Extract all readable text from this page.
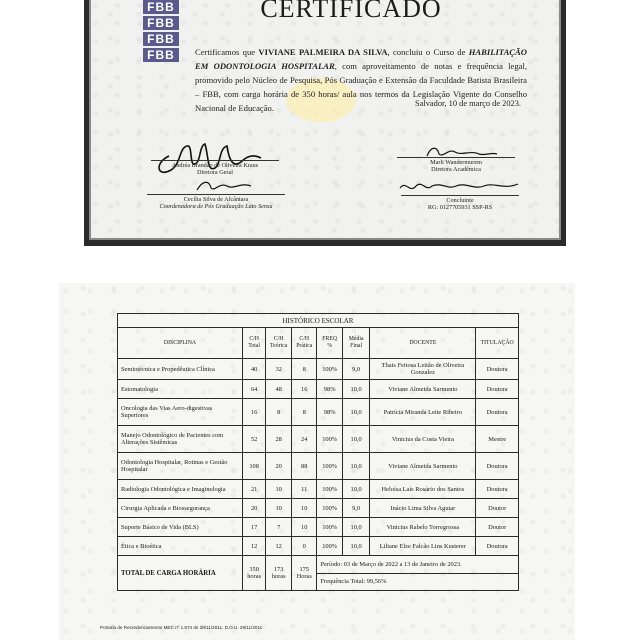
FBB
FBB
FBB
FBB
CERTIFICADO
Certificamos que VIVIANE PALMEIRA DA SILVA, concluiu o Curso de HABILITAÇÃO EM ODONTOLOGIA HOSPITALAR, com aproveitamento de notas e frequência legal, promovido pelo Núcleo de Pesquisa, Pós Graduação e Extensão da Faculdade Batista Brasileira – FBB, com carga horária de 350 horas/ aula nos termos da Legislação Vigente do Conselho Nacional de Educação.	Salvador, 10 de março de 2023.
Andréa Brandão de Oliveira Kraus
Diretora Geral
Marli Wandermurem
Diretora Acadêmica
Cecília Silva de Alcântara
Coordenadora de Pós Graduação Lato Sensu
Concluinte
RG: 0127705931 SSP-RS
HISTÓRICO ESCOLAR							
DISCIPLINA	C/H Total	C/H Teórica	C/H Prática	FREQ %	Média Final	DOCENTE	TITULAÇÃO
Semiotécnica e Propedêutica Clínica	40	32	8	100%	9,0	Thais Feitosa Leitão de Oliveira Gonzalez	Doutora
Estomatologia	64	48	16	98%	10,0	Viviane Almeida Sarmento	Doutora
Oncologia das Vias Aero-digestivas Superiores	16	8	8	98%	10,0	Patrícia Miranda Leite Ribeiro	Doutora
Manejo Odontológico de Pacientes com Alterações Sistêmicas	52	28	24	100%	10,0	Vinicius da Costa Vieira	Mestre
Odontologia Hospitalar, Rotinas e Gestão Hospitalar	108	20	88	100%	10,0	Viviane Almeida Sarmento	Doutora
Radiologia Odontológica e Imaginologia	21	10	11	100%	10,0	Heloísa Laís Rosário dos Santos	Doutora
Cirurgia Aplicada e Biossegurança	20	10	10	100%	9,0	Inácio Lima Silva Aguiar	Doutor
Suporte Básico de Vida (BLS)	17	7	10	100%	10,0	Vinicius Rabelo Torregrossa	Doutor
Ética e Bioética	12	12	0	100%	10,0	Liliane Elze Falcão Lins Kusterer	Doutora
TOTAL DE CARGA HORÁRIA	350 horas	173 horas	175 Horas	Período: 03 de Março de 2022 a 13 de Janeiro de 2023.			
				Frequência Total: 99,56%			
Portaria de Recredenciamento MEC nº 1.674 de 28/11/2011, D.O.U. 29/11/2011
